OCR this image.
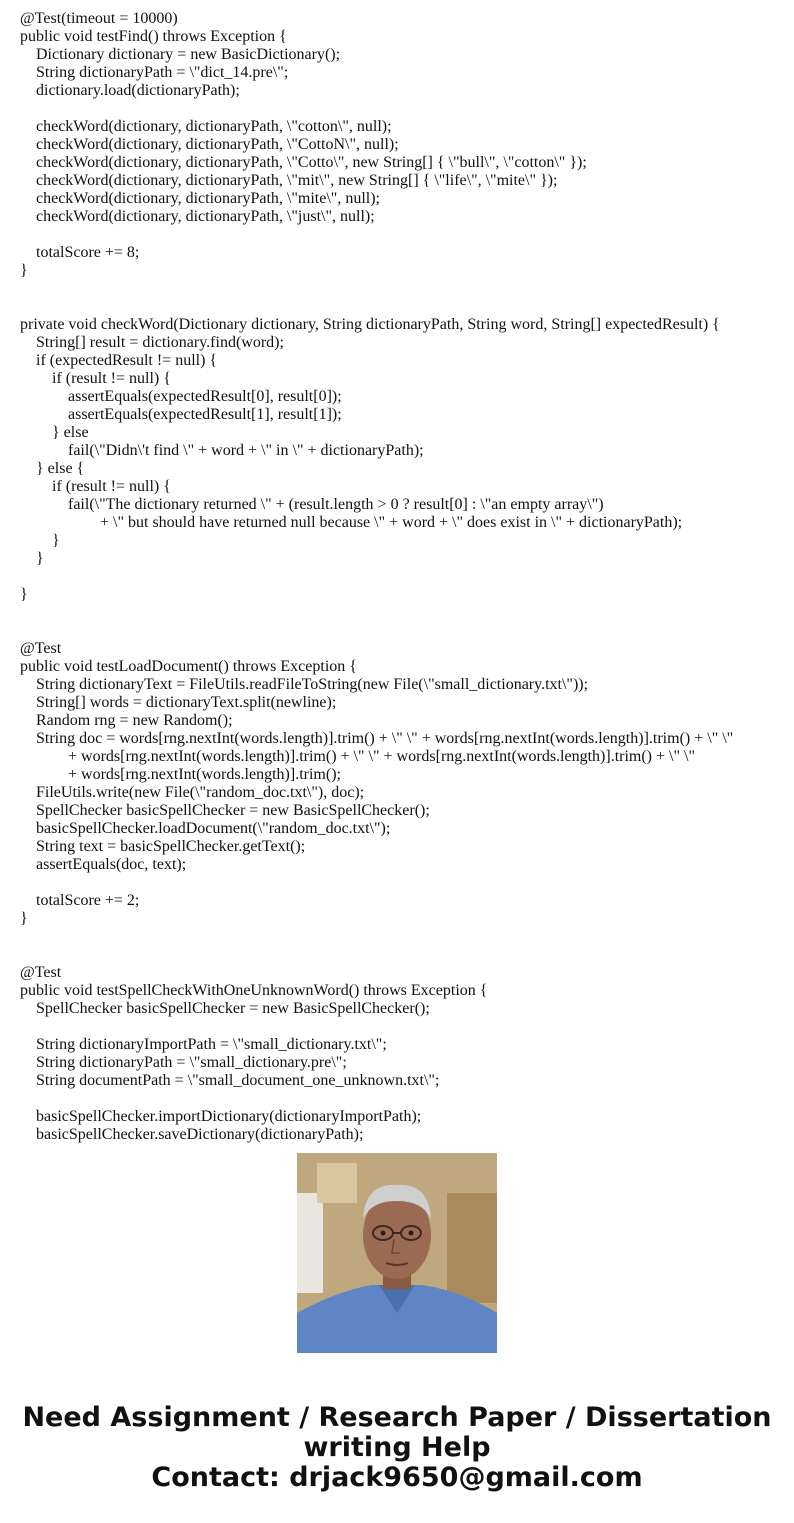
@Test(timeout = 10000)
public void testFind() throws Exception {
Dictionary dictionary = new BasicDictionary();
String dictionaryPath = \"dict_14.pre\";
dictionary.load(dictionaryPath);
checkWord(dictionary, dictionaryPath, \"cotton\", null);
checkWord(dictionary, dictionaryPath, \"CottoN\", null);
checkWord(dictionary, dictionaryPath, \"Cotto\", new String[] { \"bull\", \"cotton\" });
checkWord(dictionary, dictionaryPath, \"mit\", new String[] { \"life\", \"mite\" });
checkWord(dictionary, dictionaryPath, \"mite\", null);
checkWord(dictionary, dictionaryPath, \"just\", null);
totalScore += 8;
}
private void checkWord(Dictionary dictionary, String dictionaryPath, String word, String[] expectedResult) {
String[] result = dictionary.find(word);
if (expectedResult != null) {
if (result != null) {
assertEquals(expectedResult[0], result[0]);
assertEquals(expectedResult[1], result[1]);
} else
fail(\"Didn\'t find \" + word + \" in \" + dictionaryPath);
} else {
if (result != null) {
fail(\"The dictionary returned \" + (result.length > 0 ? result[0] : \"an empty array\")
+ \" but should have returned null because \" + word + \" does exist in \" + dictionaryPath);
}
}
}
@Test
public void testLoadDocument() throws Exception {
String dictionaryText = FileUtils.readFileToString(new File(\"small_dictionary.txt\"));
String[] words = dictionaryText.split(newline);
Random rng = new Random();
String doc = words[rng.nextInt(words.length)].trim() + \" \" + words[rng.nextInt(words.length)].trim() + \" \"
+ words[rng.nextInt(words.length)].trim() + \" \" + words[rng.nextInt(words.length)].trim() + \" \"
+ words[rng.nextInt(words.length)].trim();
FileUtils.write(new File(\"random_doc.txt\"), doc);
SpellChecker basicSpellChecker = new BasicSpellChecker();
basicSpellChecker.loadDocument(\"random_doc.txt\");
String text = basicSpellChecker.getText();
assertEquals(doc, text);
totalScore += 2;
}
@Test
public void testSpellCheckWithOneUnknownWord() throws Exception {
SpellChecker basicSpellChecker = new BasicSpellChecker();
String dictionaryImportPath = \"small_dictionary.txt\";
String dictionaryPath = \"small_dictionary.pre\";
String documentPath = \"small_document_one_unknown.txt\";
basicSpellChecker.importDictionary(dictionaryImportPath);
basicSpellChecker.saveDictionary(dictionaryPath);
Need Assignment / Research Paper / Dissertation
writing Help
Contact: drjack9650@gmail.com
